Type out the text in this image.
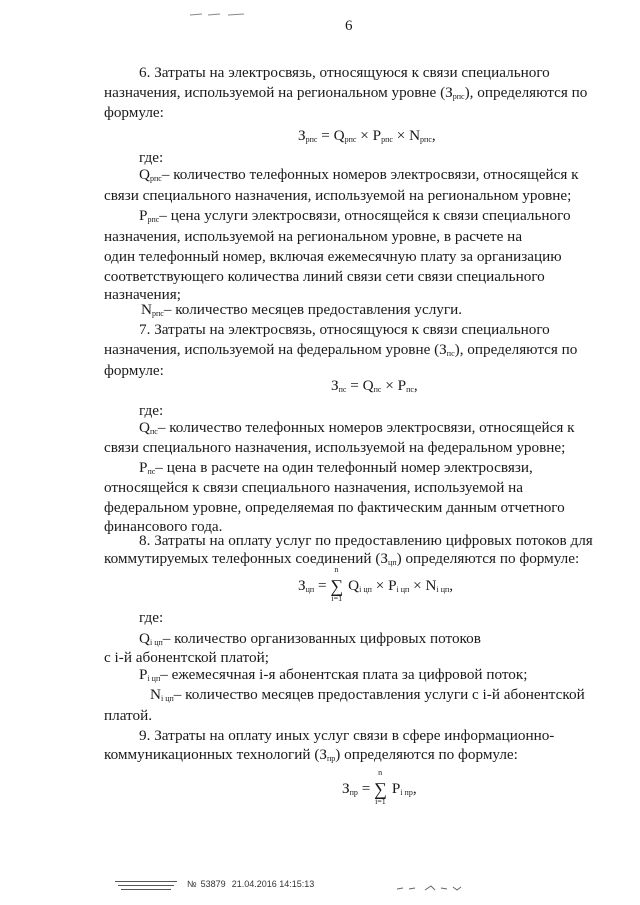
6
6. Затраты на электросвязь, относящуюся к связи специального
назначения, используемой на региональном уровне $(З_{рпс})$, определяются по
формуле:
$З_{рпс} = Q_{рпс} \times P_{рпс} \times N_{рпс}$,
где:
$Q_{рпс}-$ количество телефонных номеров электросвязи, относящейся к
связи специального назначения, используемой на региональном уровне;
$P_{рпс}-$ цена услуги электросвязи, относящейся к связи специального
назначения, используемой на региональном уровне, в расчете на
один телефонный номер, включая ежемесячную плату за организацию
соответствующего количества линий связи сети связи специального
назначения;
$N_{рпс}-$ количество месяцев предоставления услуги.
7. Затраты на электросвязь, относящуюся к связи специального
назначения, используемой на федеральном уровне $(З_{пс})$, определяются по
формуле:
$З_{пс} = Q_{пс} \times P_{пс}$,
где:
$Q_{пс}-$ количество телефонных номеров электросвязи, относящейся к
связи специального назначения, используемой на федеральном уровне;
$P_{пс}-$ цена в расчете на один телефонный номер электросвязи,
относящейся к связи специального назначения, используемой на
федеральном уровне, определяемая по фактическим данным отчетного
финансового года.
8. Затраты на оплату услуг по предоставлению цифровых потоков для
коммутируемых телефонных соединений $(З_{цп})$ определяются по формуле:
$З_{цп}$ =
n
∑
i=1
$Q_{i цп} \times P_{i цп} \times N_{i цп}$,
где:
$Q_{i цп}-$ количество организованных цифровых потоков
с i-й абонентской платой;
$P_{i цп}-$ ежемесячная i-я абонентская плата за цифровой поток;
$N_{i цп}-$ количество месяцев предоставления услуги с i-й абонентской
платой.
9. Затраты на оплату иных услуг связи в сфере информационно-
коммуникационных технологий $(З_{пр})$ определяются по формуле:
$З_{пр}$ =
n
∑
i=1
$P_{i пр}$,
№ 53879 21.04.2016 14:15:13
